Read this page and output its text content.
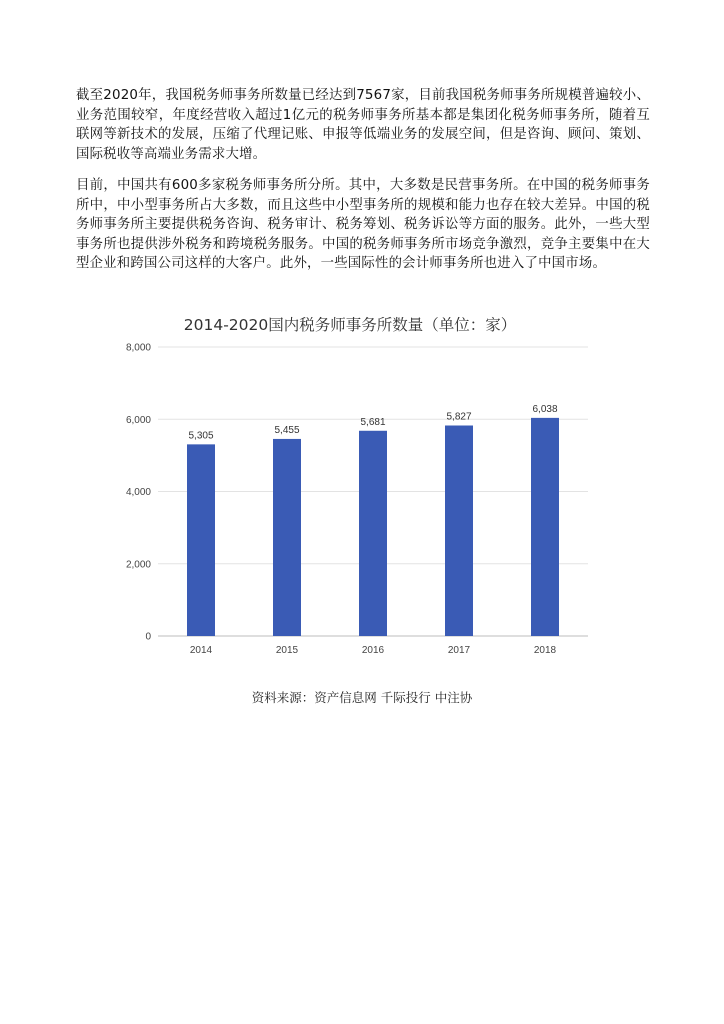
截至2020年，我国税务师事务所数量已经达到7567家，目前我国税务师事务所规模普遍较小、业务范围较窄，年度经营收入超过1亿元的税务师事务所基本都是集团化税务师事务所，随着互联网等新技术的发展，压缩了代理记账、申报等低端业务的发展空间，但是咨询、顾问、策划、国际税收等高端业务需求大增。

目前，中国共有600多家税务师事务所分所。其中，大多数是民营事务所。在中国的税务师事务所中，中小型事务所占大多数，而且这些中小型事务所的规模和能力也存在较大差异。中国的税务师事务所主要提供税务咨询、税务审计、税务筹划、税务诉讼等方面的服务。此外，一些大型事务所也提供涉外税务和跨境税务服务。中国的税务师事务所市场竞争激烈，竞争主要集中在大型企业和跨国公司这样的大客户。此外，一些国际性的会计师事务所也进入了中国市场。

2014-2020国内税务师事务所数量（单位：家）
0
2,000
4,000
6,000
8,000
5,305
2014
5,455
2015
5,681
2016
5,827
2017
6,038
2018

资料来源：资产信息网 千际投行 中注协
